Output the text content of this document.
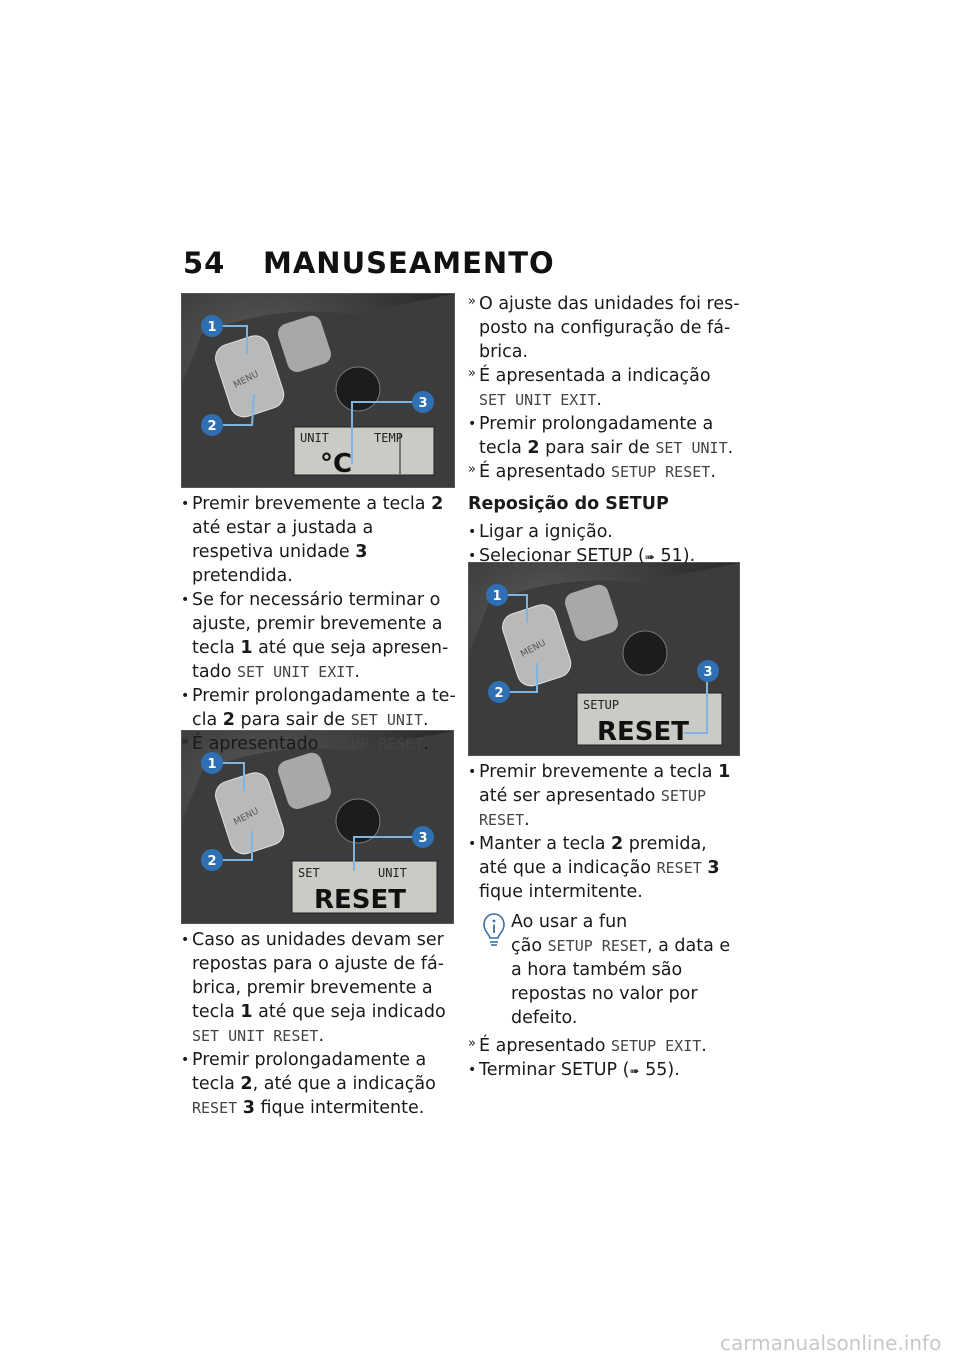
54	MANUSEAMENTO
MENU
UNIT	TEMP
°C
1
2
3
MENU
SET	UNIT
RESET
1
2
3
MENU
SETUP
RESET
1
2
3

• Premir brevemente a tecla 2 até estar a justada a respetiva unidade 3 pretendida.

• Se for necessário terminar o ajuste, premir brevemente a tecla 1 até que seja apresentado SET UNIT EXIT.

• Premir prolongadamente a tecla 2 para sair de SET UNIT.

» É apresentado SETUP RESET.

• Caso as unidades devam ser repostas para o ajuste de fábrica, premir brevemente a tecla 1 até que seja indicado SET UNIT RESET.

• Premir prolongadamente a tecla 2, até que a indicação RESET 3 fique intermitente.

» O ajuste das unidades foi resposto na configuração de fábrica.

» É apresentada a indicação SET UNIT EXIT.

• Premir prolongadamente a tecla 2 para sair de SET UNIT.

» É apresentado SETUP RESET.

Reposição do SETUP

• Ligar a ignição.

• Selecionar SETUP (➠ 51).

• Premir brevemente a tecla 1 até ser apresentado SETUP RESET.

• Manter a tecla 2 premida, até que a indicação RESET 3 fique intermitente.

Ao usar a fun

ção SETUP RESET, a data e a hora também são repostas no valor por defeito.

» É apresentado SETUP EXIT.

• Terminar SETUP (➠ 55).

carmanualsonline.info
